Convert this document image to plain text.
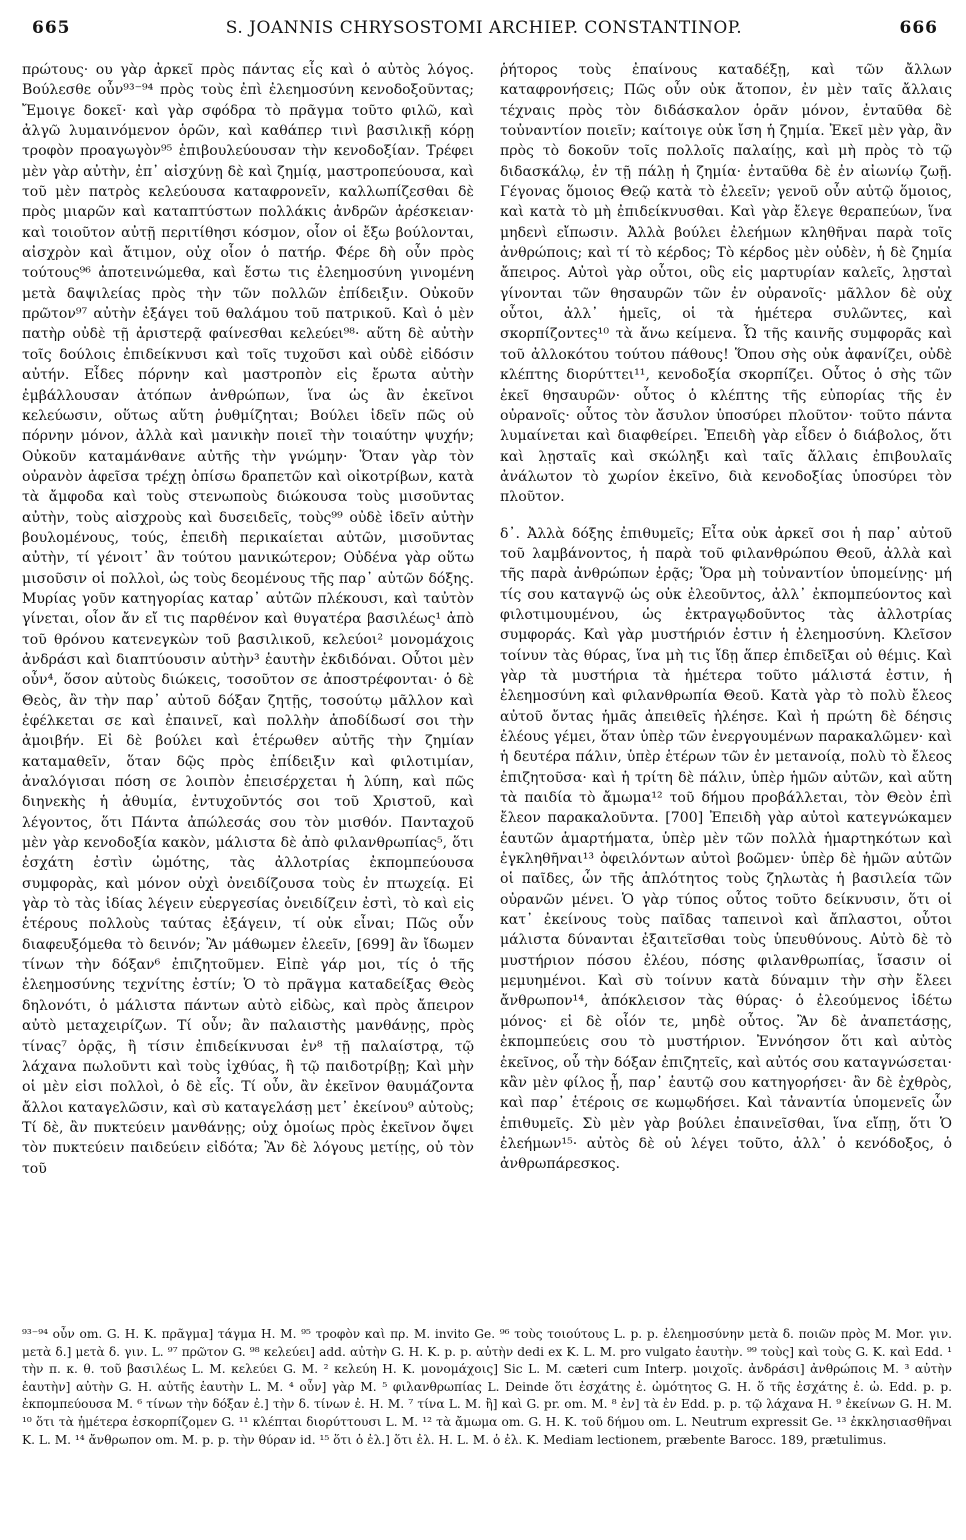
665	S. JOANNIS CHRYSOSTOMI ARCHIEP. CONSTANTINOP.	666

πρώτους· ου γὰρ ἀρκεῖ πρὸς πάντας εἶς καὶ ὁ αὐτὸς λόγος. Βούλεσθε οὖν⁹³⁻⁹⁴ πρὸς τοὺς ἐπὶ ἐλεημοσύνη κενοδοξοῦντας; Ἔμοιγε δοκεῖ· καὶ γὰρ σφόδρα τὸ πρᾶγμα τοῦτο φιλῶ, καὶ ἀλγῶ λυμαινόμενον ὁρῶν, καὶ καθάπερ τινὶ βασιλικῇ κόρῃ τροφὸν προαγωγὸν⁹⁵ ἐπιβουλεύουσαν τὴν κενοδοξίαν. Τρέφει μὲν γὰρ αὐτὴν, ἐπ᾽ αἰσχύνῃ δὲ καὶ ζημίᾳ, μαστροπεύουσα, καὶ τοῦ μὲν πατρὸς κελεύουσα καταφρονεῖν, καλλωπίζεσθαι δὲ πρὸς μιαρῶν καὶ καταπτύστων πολλάκις ἀνδρῶν ἀρέσκειαν· καὶ τοιοῦτον αὐτῇ περιτίθησι κόσμον, οἷον οἱ ἔξω βούλονται, αἰσχρὸν καὶ ἄτιμον, οὐχ οἷον ὁ πατήρ. Φέρε δὴ οὖν πρὸς τούτους⁹⁶ ἀποτεινώμεθα, καὶ ἔστω τις ἐλεημοσύνη γινομένη μετὰ δαψιλείας πρὸς τὴν τῶν πολλῶν ἐπίδειξιν. Οὐκοῦν πρῶτον⁹⁷ αὐτὴν ἐξάγει τοῦ θαλάμου τοῦ πατρικοῦ. Καὶ ὁ μὲν πατὴρ οὐδὲ τῇ ἀριστερᾷ φαίνεσθαι κελεύει⁹⁸· αὕτη δὲ αὐτὴν τοῖς δούλοις ἐπιδείκνυσι καὶ τοῖς τυχοῦσι καὶ οὐδὲ εἰδόσιν αὐτήν. Εἶδες πόρνην καὶ μαστροπὸν εἰς ἔρωτα αὐτὴν ἐμβάλλουσαν ἀτόπων ἀνθρώπων, ἵνα ὡς ἂν ἐκεῖνοι κελεύωσιν, οὕτως αὕτη ῥυθμίζηται; Βούλει ἰδεῖν πῶς οὐ πόρνην μόνον, ἀλλὰ καὶ μανικὴν ποιεῖ τὴν τοιαύτην ψυχήν; Οὐκοῦν καταμάνθανε αὐτῆς τὴν γνώμην· Ὅταν γὰρ τὸν οὐρανὸν ἀφεῖσα τρέχῃ ὀπίσω δραπετῶν καὶ οἰκοτρίβων, κατὰ τὰ ἄμφοδα καὶ τοὺς στενωποὺς διώκουσα τοὺς μισοῦντας αὐτὴν, τοὺς αἰσχροὺς καὶ δυσειδεῖς, τοὺς⁹⁹ οὐδὲ ἰδεῖν αὐτὴν βουλομένους, τούς, ἐπειδὴ περικαίεται αὐτῶν, μισοῦντας αὐτὴν, τί γένοιτ᾽ ἂν τούτου μανικώτερον; Οὐδένα γὰρ οὕτω μισοῦσιν οἱ πολλοὶ, ὡς τοὺς δεομένους τῆς παρ᾽ αὐτῶν δόξης. Μυρίας γοῦν κατηγορίας καταρ᾽ αὐτῶν πλέκουσι, καὶ ταὐτὸν γίνεται, οἷον ἄν εἴ τις παρθένον καὶ θυγατέρα βασιλέως¹ ἀπὸ τοῦ θρόνου κατενεγκὼν τοῦ βασιλικοῦ, κελεύοι² μονομάχοις ἀνδράσι καὶ διαπτύουσιν αὐτὴν³ ἑαυτὴν ἐκδιδόναι. Οὗτοι μὲν οὖν⁴, ὅσον αὐτοὺς διώκεις, τοσοῦτον σε ἀποστρέφονται· ὁ δὲ Θεὸς, ἂν τὴν παρ᾽ αὐτοῦ δόξαν ζητῇς, τοσούτῳ μᾶλλον καὶ ἐφέλκεται σε καὶ ἐπαινεῖ, καὶ πολλὴν ἀποδίδωσί σοι τὴν ἀμοιβήν. Εἰ δὲ βούλει καὶ ἑτέρωθεν αὐτῆς τὴν ζημίαν καταμαθεῖν, ὅταν δῷς πρὸς ἐπίδειξιν καὶ φιλοτιμίαν, ἀναλόγισαι πόση σε λοιπὸν ἐπεισέρχεται ἡ λύπη, καὶ πῶς διηνεκὴς ἡ ἀθυμία, ἐντυχοῦντός σοι τοῦ Χριστοῦ, καὶ λέγοντος, ὅτι Πάντα ἀπώλεσάς σου τὸν μισθόν. Πανταχοῦ μὲν γὰρ κενοδοξία κακὸν, μάλιστα δὲ ἀπὸ φιλανθρωπίας⁵, ὅτι ἐσχάτη ἐστὶν ὠμότης, τὰς ἀλλοτρίας ἐκπομπεύουσα συμφορὰς, καὶ μόνον οὐχὶ ὀνειδίζουσα τοὺς ἐν πτωχείᾳ. Εἰ γὰρ τὸ τὰς ἰδίας λέγειν εὐεργεσίας ὀνειδίζειν ἐστὶ, τὸ καὶ εἰς ἑτέρους πολλοὺς ταύτας ἐξάγειν, τί οὐκ εἶναι; Πῶς οὖν διαφευξόμεθα τὸ δεινόν; Ἂν μάθωμεν ἐλεεῖν, [699] ἂν ἴδωμεν τίνων τὴν δόξαν⁶ ἐπιζητοῦμεν. Εἰπὲ γάρ μοι, τίς ὁ τῆς ἐλεημοσύνης τεχνίτης ἐστίν; Ὁ τὸ πρᾶγμα καταδείξας Θεὸς δηλονότι, ὁ μάλιστα πάντων αὐτὸ εἰδὼς, καὶ πρὸς ἄπειρον αὐτὸ μεταχειρίζων. Τί οὖν; ἂν παλαιστὴς μανθάνῃς, πρὸς τίνας⁷ ὁρᾷς, ἢ τίσιν ἐπιδείκνυσαι ἐν⁸ τῇ παλαίστρᾳ, τῷ λάχανα πωλοῦντι καὶ τοὺς ἰχθύας, ἢ τῷ παιδοτρίβῃ; Καὶ μὴν οἱ μὲν εἰσι πολλοὶ, ὁ δὲ εἷς. Τί οὖν, ἂν ἐκεῖνον θαυμάζοντα ἄλλοι καταγελῶσιν, καὶ σὺ καταγελάσῃ μετ᾽ ἐκείνου⁹ αὐτοὺς; Τί δὲ, ἂν πυκτεύειν μανθάνῃς; οὐχ ὁμοίως πρὸς ἐκεῖνον ὄψει τὸν πυκτεύειν παιδεύειν εἰδότα; Ἂν δὲ λόγους μετίῃς, οὐ τὸν τοῦ

ῥήτορος τοὺς ἐπαίνους καταδέξῃ, καὶ τῶν ἄλλων καταφρονήσεις; Πῶς οὖν οὐκ ἄτοπον, ἐν μὲν ταῖς ἄλλαις τέχναις πρὸς τὸν διδάσκαλον ὁρᾶν μόνον, ἐνταῦθα δὲ τοὐναντίον ποιεῖν; καίτοιγε οὐκ ἴση ἡ ζημία. Ἐκεῖ μὲν γὰρ, ἂν πρὸς τὸ δοκοῦν τοῖς πολλοῖς παλαίῃς, καὶ μὴ πρὸς τὸ τῷ διδασκάλῳ, ἐν τῇ πάλῃ ἡ ζημία· ἐνταῦθα δὲ ἐν αἰωνίῳ ζωῇ. Γέγονας ὅμοιος Θεῷ κατὰ τὸ ἐλεεῖν; γενοῦ οὖν αὐτῷ ὅμοιος, καὶ κατὰ τὸ μὴ ἐπιδείκνυσθαι. Καὶ γὰρ ἔλεγε θεραπεύων, ἵνα μηδενὶ εἴπωσιν. Ἀλλὰ βούλει ἐλεήμων κληθῆναι παρὰ τοῖς ἀνθρώποις; καὶ τί τὸ κέρδος; Τὸ κέρδος μὲν οὐδὲν, ἡ δὲ ζημία ἄπειρος. Αὐτοὶ γὰρ οὗτοι, οὓς εἰς μαρτυρίαν καλεῖς, λῃσταὶ γίνονται τῶν θησαυρῶν τῶν ἐν οὐρανοῖς· μᾶλλον δὲ οὐχ οὗτοι, ἀλλ᾽ ἡμεῖς, οἱ τὰ ἡμέτερα συλῶντες, καὶ σκορπίζοντες¹⁰ τὰ ἄνω κείμενα. Ὦ τῆς καινῆς συμφορᾶς καὶ τοῦ ἀλλοκότου τούτου πάθους! Ὅπου σὴς οὐκ ἀφανίζει, οὐδὲ κλέπτης διορύττει¹¹, κενοδοξία σκορπίζει. Οὗτος ὁ σὴς τῶν ἐκεῖ θησαυρῶν· οὗτος ὁ κλέπτης τῆς εὐπορίας τῆς ἐν οὐρανοῖς· οὗτος τὸν ἄσυλον ὑποσύρει πλοῦτον· τοῦτο πάντα λυμαίνεται καὶ διαφθείρει. Ἐπειδὴ γὰρ εἶδεν ὁ διάβολος, ὅτι καὶ λῃσταῖς καὶ σκώληξι καὶ ταῖς ἄλλαις ἐπιβουλαῖς ἀνάλωτον τὸ χωρίον ἐκεῖνο, διὰ κενοδοξίας ὑποσύρει τὸν πλοῦτον.

δ᾽. Ἀλλὰ δόξης ἐπιθυμεῖς; Εἶτα οὐκ ἀρκεῖ σοι ἡ παρ᾽ αὐτοῦ τοῦ λαμβάνοντος, ἡ παρὰ τοῦ φιλανθρώπου Θεοῦ, ἀλλὰ καὶ τῆς παρὰ ἀνθρώπων ἐρᾷς; Ὅρα μὴ τοὐναντίον ὑπομείνῃς· μή τίς σου καταγνῷ ὡς οὐκ ἐλεοῦντος, ἀλλ᾽ ἐκπομπεύοντος καὶ φιλοτιμουμένου, ὡς ἐκτραγῳδοῦντος τὰς ἀλλοτρίας συμφοράς. Καὶ γὰρ μυστήριόν ἐστιν ἡ ἐλεημοσύνη. Κλεῖσον τοίνυν τὰς θύρας, ἵνα μὴ τις ἴδῃ ἅπερ ἐπιδεῖξαι οὐ θέμις. Καὶ γὰρ τὰ μυστήρια τὰ ἡμέτερα τοῦτο μάλιστά ἐστιν, ἡ ἐλεημοσύνη καὶ φιλανθρωπία Θεοῦ. Κατὰ γὰρ τὸ πολὺ ἔλεος αὐτοῦ ὄντας ἡμᾶς ἀπειθεῖς ἠλέησε. Καὶ ἡ πρώτη δὲ δέησις ἐλέους γέμει, ὅταν ὑπὲρ τῶν ἐνεργουμένων παρακαλῶμεν· καὶ ἡ δευτέρα πάλιν, ὑπὲρ ἑτέρων τῶν ἐν μετανοίᾳ, πολὺ τὸ ἔλεος ἐπιζητοῦσα· καὶ ἡ τρίτη δὲ πάλιν, ὑπὲρ ἡμῶν αὐτῶν, καὶ αὕτη τὰ παιδία τὸ ἄμωμα¹² τοῦ δήμου προβάλλεται, τὸν Θεὸν ἐπὶ ἔλεον παρακαλοῦντα. [700] Ἐπειδὴ γὰρ αὐτοὶ κατεγνώκαμεν ἑαυτῶν ἁμαρτήματα, ὑπὲρ μὲν τῶν πολλὰ ἡμαρτηκότων καὶ ἐγκληθῆναι¹³ ὀφειλόντων αὐτοὶ βοῶμεν· ὑπὲρ δὲ ἡμῶν αὐτῶν οἱ παῖδες, ὧν τῆς ἁπλότητος τοὺς ζηλωτὰς ἡ βασιλεία τῶν οὐρανῶν μένει. Ὁ γὰρ τύπος οὗτος τοῦτο δείκνυσιν, ὅτι οἱ κατ᾽ ἐκείνους τοὺς παῖδας ταπεινοὶ καὶ ἄπλαστοι, οὗτοι μάλιστα δύνανται ἐξαιτεῖσθαι τοὺς ὑπευθύνους. Αὐτὸ δὲ τὸ μυστήριον πόσου ἐλέου, πόσης φιλανθρωπίας, ἴσασιν οἱ μεμυημένοι. Καὶ σὺ τοίνυν κατὰ δύναμιν τὴν σὴν ἔλεει ἄνθρωπον¹⁴, ἀπόκλεισον τὰς θύρας· ὁ ἐλεούμενος ἰδέτω μόνος· εἰ δὲ οἷόν τε, μηδὲ οὗτος. Ἂν δὲ ἀναπετάσῃς, ἐκπομπεύεις σου τὸ μυστήριον. Ἐννόησον ὅτι καὶ αὐτὸς ἐκεῖνος, οὗ τὴν δόξαν ἐπιζητεῖς, καὶ αὐτός σου καταγνώσεται· κἂν μὲν φίλος ᾖ, παρ᾽ ἑαυτῷ σου κατηγορήσει· ἂν δὲ ἐχθρὸς, καὶ παρ᾽ ἑτέροις σε κωμῳδήσει. Καὶ τἀναντία ὑπομενεῖς ὧν ἐπιθυμεῖς. Σὺ μὲν γὰρ βούλει ἐπαινεῖσθαι, ἵνα εἴπῃ, ὅτι Ὁ ἐλεήμων¹⁵· αὐτὸς δὲ οὐ λέγει τοῦτο, ἀλλ᾽ ὁ κενόδοξος, ὁ ἀνθρωπάρεσκος.

⁹³⁻⁹⁴ οὖν om. G. H. K. πρᾶγμα] τάγμα H. M. ⁹⁵ τροφὸν καὶ πρ. M. invito Ge. ⁹⁶ τοὺς τοιούτους L. p. p. ἐλεημοσύνην μετὰ δ. ποιῶν πρὸς M. Mor. γιν. μετὰ δ.] μετὰ δ. γιν. L. ⁹⁷ πρῶτον G. ⁹⁸ κελεύει] add. αὐτὴν G. H. K. p. p. αὐτὴν dedi ex K. L. M. pro vulgato ἑαυτὴν. ⁹⁹ τοὺς] καὶ τοὺς G. K. καὶ Edd. ¹ τὴν π. κ. θ. τοῦ βασιλέως L. M. κελεύει G. M. ² κελεύη H. K. μονομάχοις] Sic L. M. cæteri cum Interp. μοιχοῖς. ἀνδράσι] ἀνθρώποις M. ³ αὐτὴν ἑαυτὴν] αὐτὴν G. H. αὐτῆς ἑαυτὴν L. M. ⁴ οὖν] γὰρ M. ⁵ φιλανθρωπίας L. Deinde ὅτι ἐσχάτης ἐ. ὠμότητος G. H. ὅ τῆς ἐσχάτης ἐ. ὠ. Edd. p. p. ἐκπομπεύουσα M. ⁶ τίνων τὴν δόξαν ἐ.] τὴν δ. τίνων ἐ. H. M. ⁷ τίνα L. M. ἢ] καὶ G. pr. om. M. ⁸ ἐν] τὰ ἐν Edd. p. p. τῷ λάχανα H. ⁹ ἐκείνων G. H. M. ¹⁰ ὅτι τὰ ἡμέτερα ἐσκορπίζομεν G. ¹¹ κλέπται διορύττουσι L. M. ¹² τὰ ἄμωμα om. G. H. K. τοῦ δήμου om. L. Neutrum expressit Ge. ¹³ ἐκκλησιασθῆναι K. L. M. ¹⁴ ἄνθρωπον om. M. p. p. τὴν θύραν id. ¹⁵ ὅτι ὁ ἐλ.] ὅτι ἐλ. H. L. M. ὁ ἐλ. K. Mediam lectionem, præbente Barocc. 189, prætulimus.
